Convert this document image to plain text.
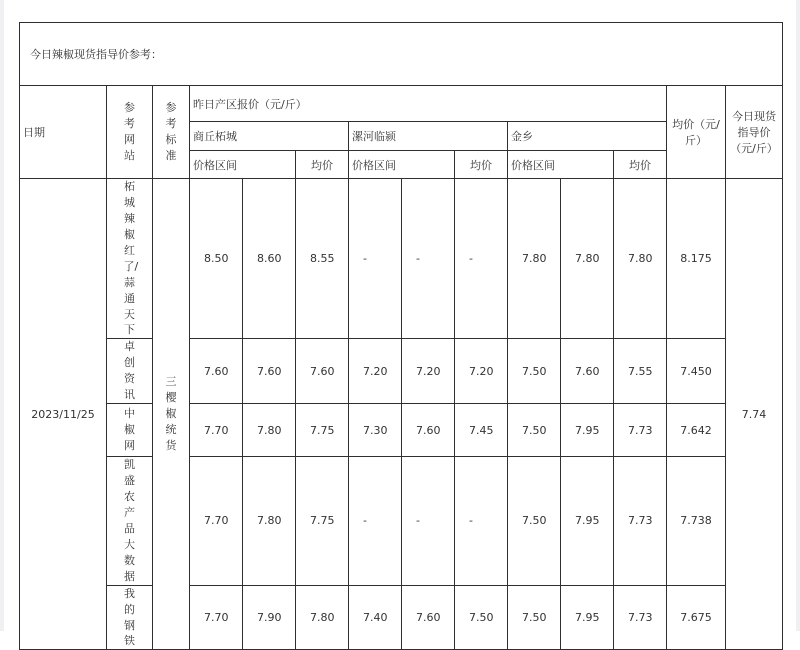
今日辣椒现货指导价参考：													
日期	参考网站	参考标准	昨日产区报价（元/斤）									均价（元/斤）	今日现货指导价（元/斤）
			商丘柘城			漯河临颍			金乡				
			价格区间		均价	价格区间		均价	价格区间		均价		
2023/11/25	柘城辣椒红了/蒜通天下	三樱椒统货	8.50	8.60	8.55	-	-	-	7.80	7.80	7.80	8.175	7.74
	卓创资讯		7.60	7.60	7.60	7.20	7.20	7.20	7.50	7.60	7.55	7.450	
	中椒网		7.70	7.80	7.75	7.30	7.60	7.45	7.50	7.95	7.73	7.642	
	凯盛农产品大数据		7.70	7.80	7.75	-	-	-	7.50	7.95	7.73	7.738	
	我的钢铁		7.70	7.90	7.80	7.40	7.60	7.50	7.50	7.95	7.73	7.675	
